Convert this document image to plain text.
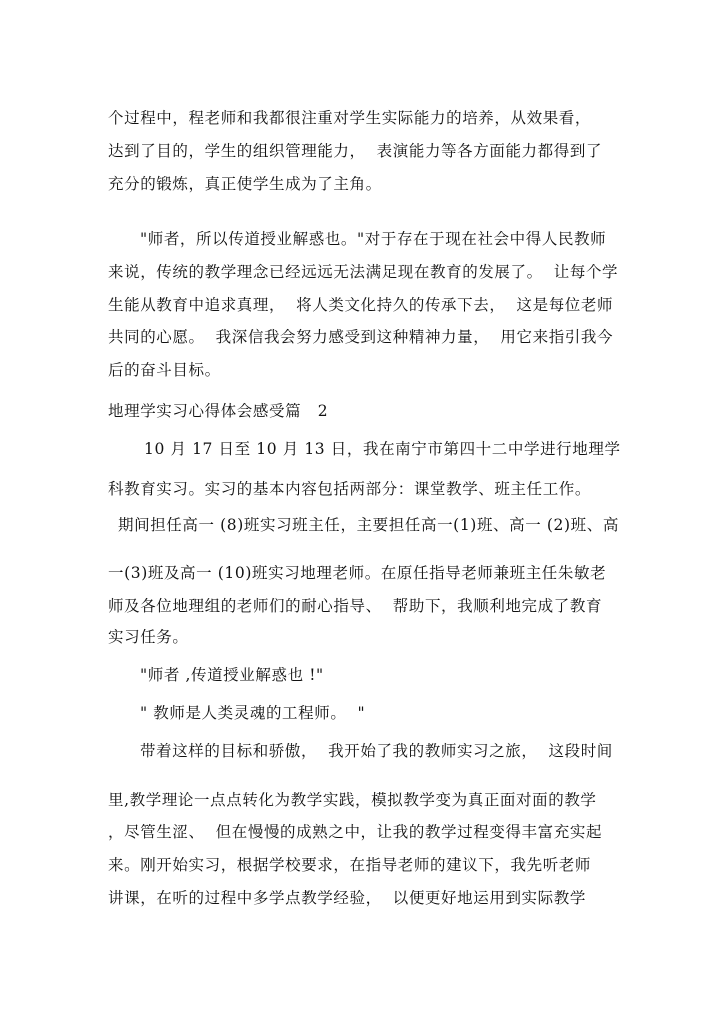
个过程中，程老师和我都很注重对学生实际能力的培养，从效果看，
达到了目的，学生的组织管理能力，  表演能力等各方面能力都得到了
充分的锻炼，真正使学生成为了主角。
"师者，所以传道授业解惑也。"对于存在于现在社会中得人民教师
来说，传统的教学理念已经远远无法满足现在教育的发展了。  让每个学
生能从教育中追求真理，  将人类文化持久的传承下去，  这是每位老师
共同的心愿。  我深信我会努力感受到这种精神力量，  用它来指引我今
后的奋斗目标。
地理学实习心得体会感受篇   2
10 月 17 日至 10 月 13 日，我在南宁市第四十二中学进行地理学
科教育实习。实习的基本内容包括两部分：课堂教学、班主任工作。
期间担任高一 (8)班实习班主任，主要担任高一(1)班、高一 (2)班、高
一(3)班及高一 (10)班实习地理老师。在原任指导老师兼班主任朱敏老
师及各位地理组的老师们的耐心指导、  帮助下，我顺利地完成了教育
实习任务。
"师者 ,传道授业解惑也 !"
" 教师是人类灵魂的工程师。  "
带着这样的目标和骄傲，  我开始了我的教师实习之旅，  这段时间
里,教学理论一点点转化为教学实践，模拟教学变为真正面对面的教学
，尽管生涩、  但在慢慢的成熟之中，让我的教学过程变得丰富充实起
来。刚开始实习，根据学校要求，在指导老师的建议下，我先听老师
讲课，在听的过程中多学点教学经验，  以便更好地运用到实际教学
